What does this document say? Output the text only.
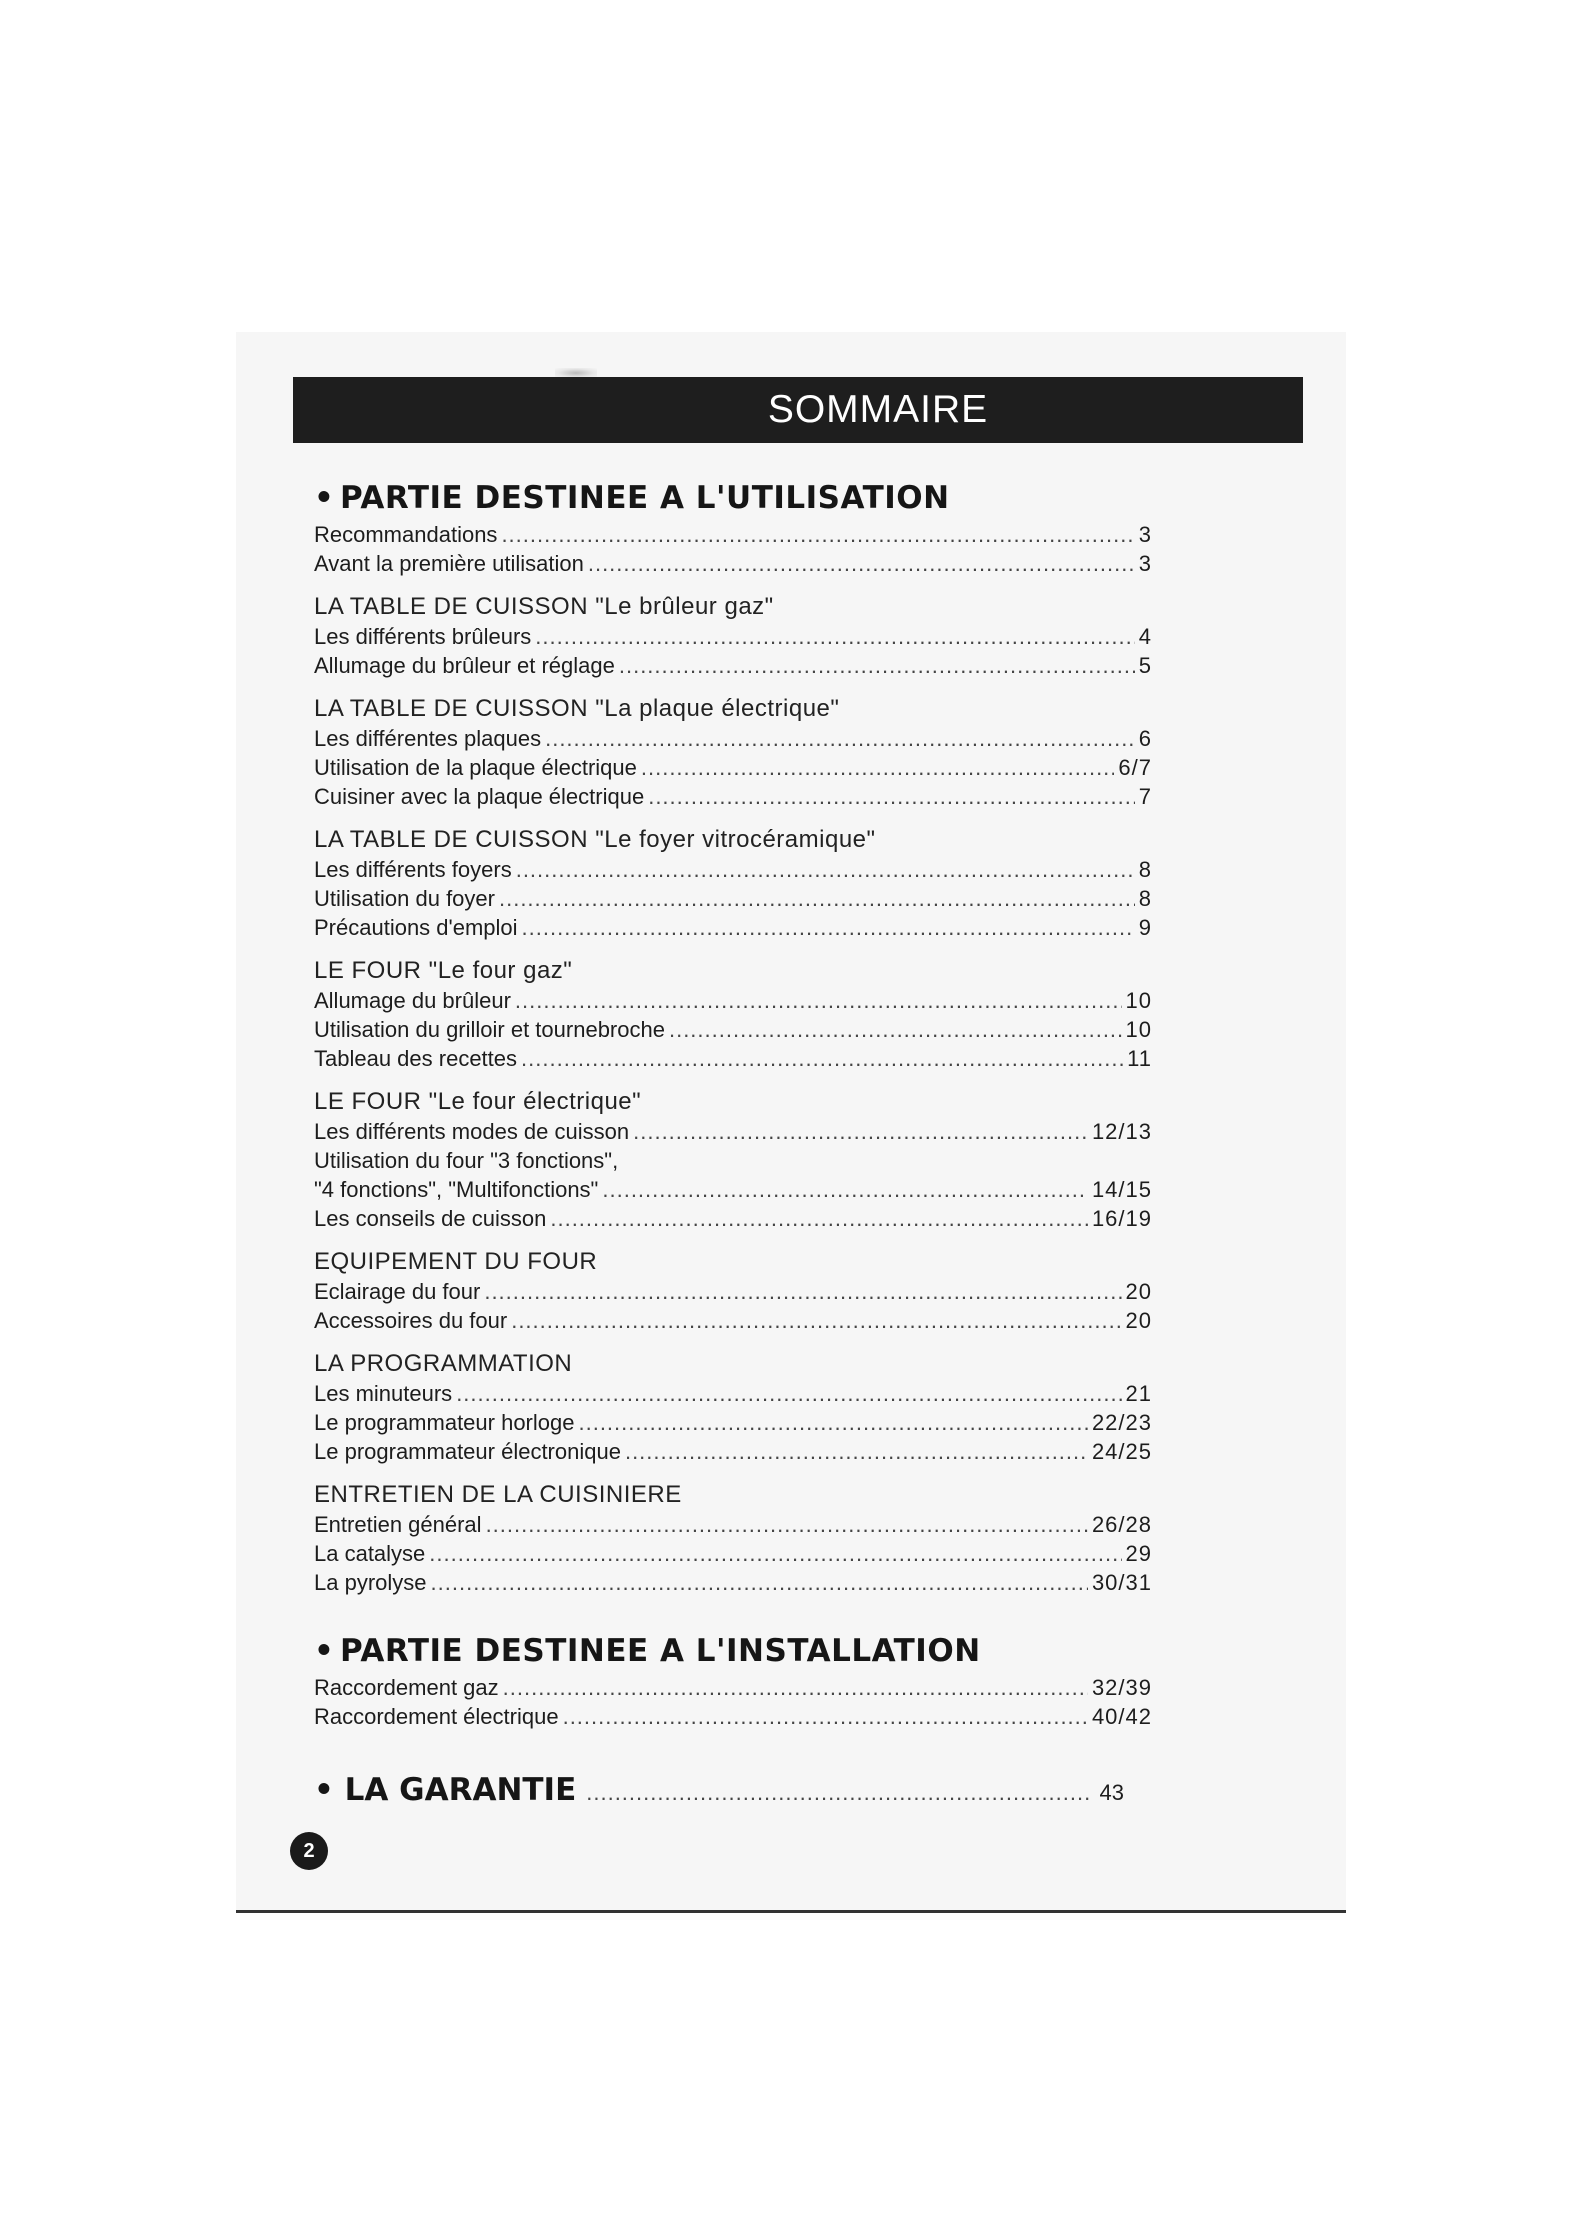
SOMMAIRE
• PARTIE DESTINEE A L'UTILISATION
Recommandations .....	3
Avant la première utilisation .....	3
LA TABLE DE CUISSON "Le brûleur gaz"
Les différents brûleurs .....	4
Allumage du brûleur et réglage .....	5
LA TABLE DE CUISSON "La plaque électrique"
Les différentes plaques .....	6
Utilisation de la plaque électrique .....	6/7
Cuisiner avec la plaque électrique .....	7
LA TABLE DE CUISSON "Le foyer vitrocéramique"
Les différents foyers .....	8
Utilisation du foyer .....	8
Précautions d'emploi .....	9
LE FOUR "Le four gaz"
Allumage du brûleur .....	10
Utilisation du grilloir et tournebroche .....	10
Tableau des recettes .....	11
LE FOUR "Le four électrique"
Les différents modes de cuisson .....	12/13
Utilisation du four "3 fonctions",
"4 fonctions", "Multifonctions" .....	14/15
Les conseils de cuisson .....	16/19
EQUIPEMENT DU FOUR
Eclairage du four .....	20
Accessoires du four .....	20
LA PROGRAMMATION
Les minuteurs .....	21
Le programmateur horloge .....	22/23
Le programmateur électronique .....	24/25
ENTRETIEN DE LA CUISINIERE
Entretien général .....	26/28
La catalyse .....	29
La pyrolyse .....	30/31
• PARTIE DESTINEE A L'INSTALLATION
Raccordement gaz .....	32/39
Raccordement électrique .....	40/42
• LA GARANTIE .....	43
2
